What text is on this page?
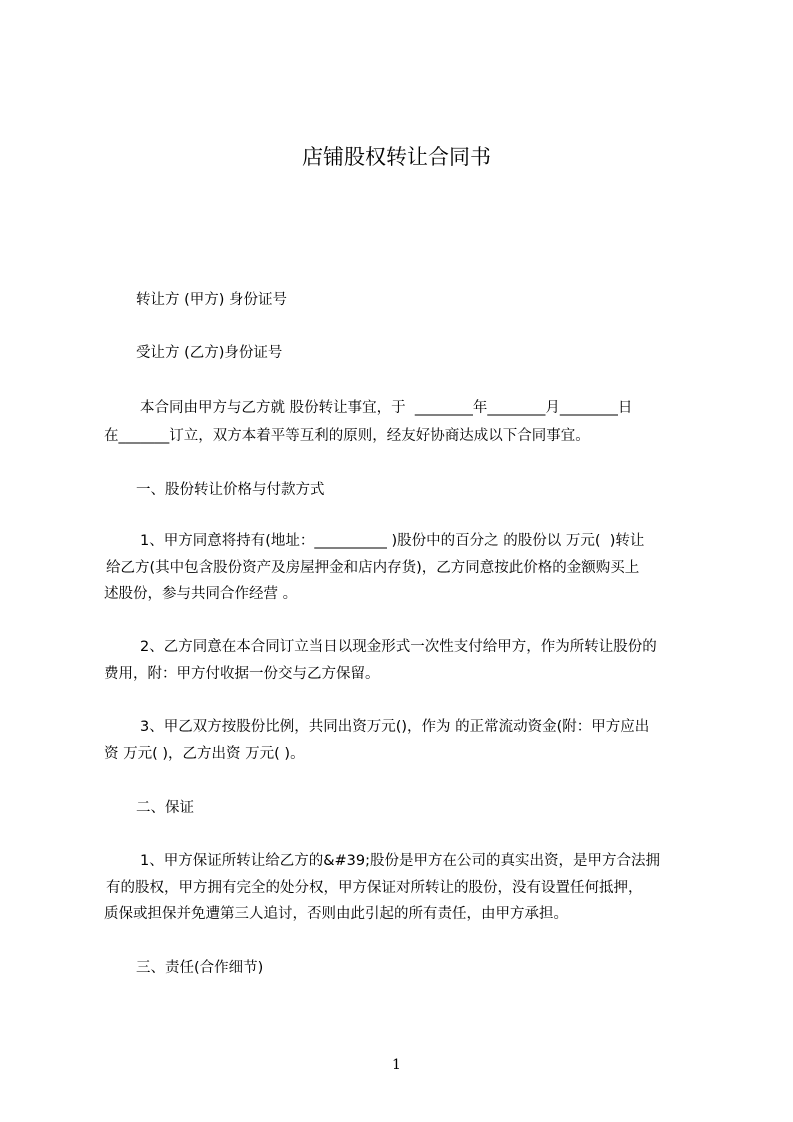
店铺股权转让合同书
转让方 (甲方) 身份证号
受让方 (乙方)身份证号
本合同由甲方与乙方就 股份转让事宜，于  ________年________月________日
在_______订立，双方本着平等互利的原则，经友好协商达成以下合同事宜。
一、股份转让价格与付款方式
1、甲方同意将持有(地址：__________ )股份中的百分之 的股份以 万元(  )转让
给乙方(其中包含股份资产及房屋押金和店内存货)，乙方同意按此价格的金额购买上
述股份，参与共同合作经营 。
2、乙方同意在本合同订立当日以现金形式一次性支付给甲方，作为所转让股份的
费用，附：甲方付收据一份交与乙方保留。
3、甲乙双方按股份比例，共同出资万元()，作为 的正常流动资金(附：甲方应出
资 万元( )，乙方出资 万元( )。
二、保证
1、甲方保证所转让给乙方的&#39;股份是甲方在公司的真实出资，是甲方合法拥
有的股权，甲方拥有完全的处分权，甲方保证对所转让的股份，没有设置任何抵押，
质保或担保并免遭第三人追讨，否则由此引起的所有责任，由甲方承担。
三、责任(合作细节)
1
